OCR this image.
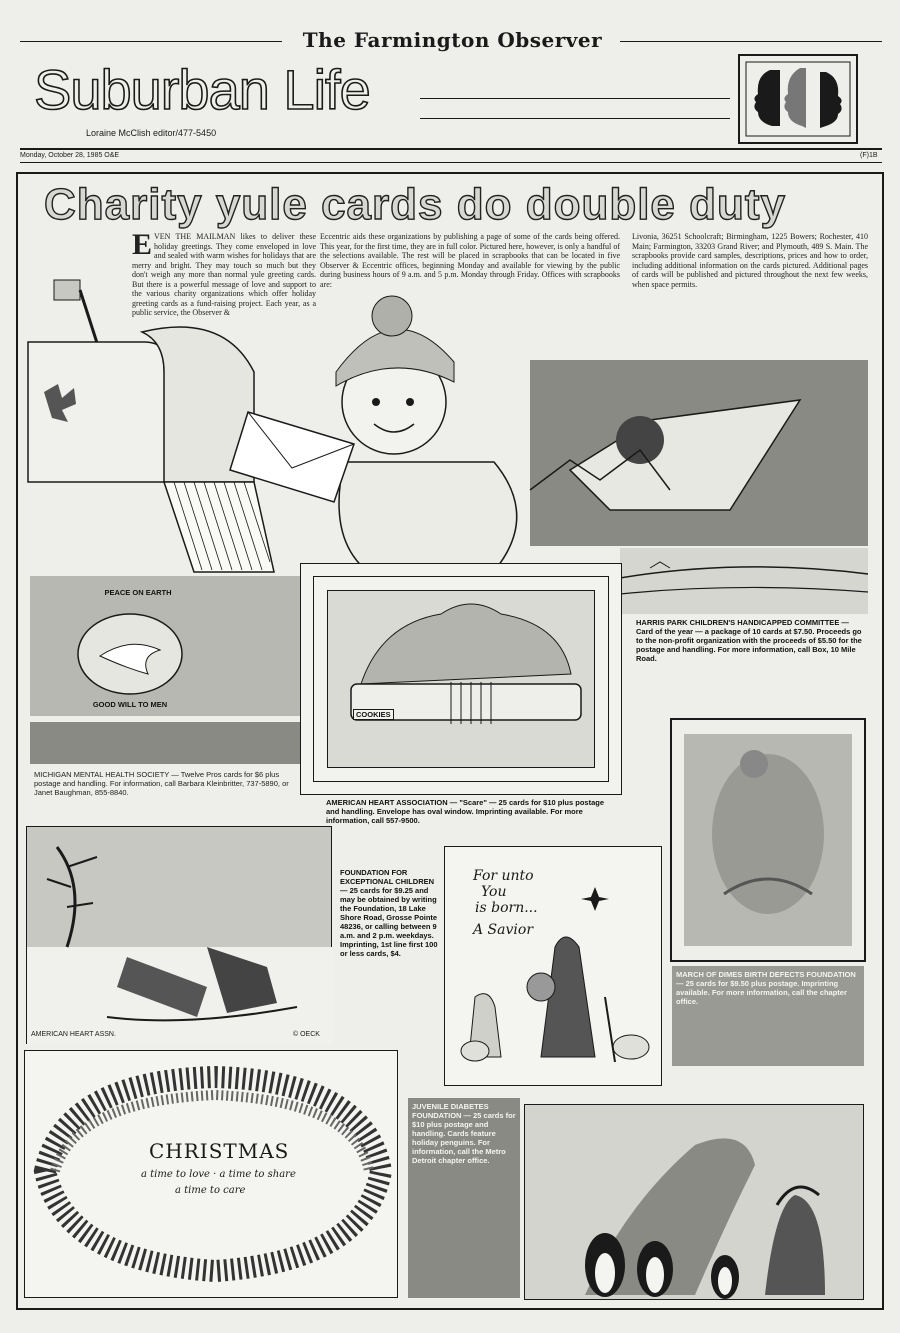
The Farmington Observer
Suburban Life
Loraine McClish editor/477-5450
Monday, October 28, 1985 O&E	(F)1B
Charity yule cards do double duty
EVEN THE MAILMAN likes to deliver these holiday greetings. They come enveloped in love and sealed with warm wishes for holidays that are merry and bright. They may touch so much but they don't weigh any more than normal yule greeting cards. But there is a powerful message of love and support to the various charity organizations which offer holiday greeting cards as a fund-raising project. Each year, as a public service, the Observer &
Eccentric aids these organizations by publishing a page of some of the cards being offered. This year, for the first time, they are in full color. Pictured here, however, is only a handful of the selections available. The rest will be placed in scrapbooks that can be located in five Observer & Eccentric offices, beginning Monday and available for viewing by the public during business hours of 9 a.m. and 5 p.m. Monday through Friday. Offices with scrapbooks are:
Livonia, 36251 Schoolcraft; Birmingham, 1225 Bowers; Rochester, 410 Main; Farmington, 33203 Grand River; and Plymouth, 489 S. Main. The scrapbooks provide card samples, descriptions, prices and how to order, including additional information on the cards pictured. Additional pages of cards will be published and pictured throughout the next few weeks, when space permits.
HARRIS PARK CHILDREN'S HANDICAPPED COMMITTEE — Card of the year — a package of 10 cards at $7.50. Proceeds go to the non-profit organization with the proceeds of $5.50 for the postage and handling. For more information, call Box, 10 Mile Road.
PEACE ON EARTH
GOOD WILL TO MEN
MICHIGAN MENTAL HEALTH SOCIETY — Twelve Pros cards for $6 plus postage and handling. For information, call Barbara Kleinbritter, 737-5890, or Janet Baughman, 855-8840.
COOKIES
AMERICAN HEART ASSOCIATION — "Scare" — 25 cards for $10 plus postage and handling. Envelope has oval window. Imprinting available. For more information, call 557-9500.
MARCH OF DIMES BIRTH DEFECTS FOUNDATION — 25 cards for $9.50 plus postage. Imprinting available. For more information, call the chapter office.
AMERICAN HEART ASSN.	© OECK
FOUNDATION FOR EXCEPTIONAL CHILDREN — 25 cards for $9.25 and may be obtained by writing the Foundation, 18 Lake Shore Road, Grosse Pointe 48236, or calling between 9 a.m. and 2 p.m. weekdays. Imprinting, 1st line first 100 or less cards, $4.
For unto
You
is born...
A Savior
CHRISTMAS
a time to love · a time to share
a time to care
JUVENILE DIABETES FOUNDATION — 25 cards for $10 plus postage and handling. Cards feature holiday penguins. For information, call the Metro Detroit chapter office.
